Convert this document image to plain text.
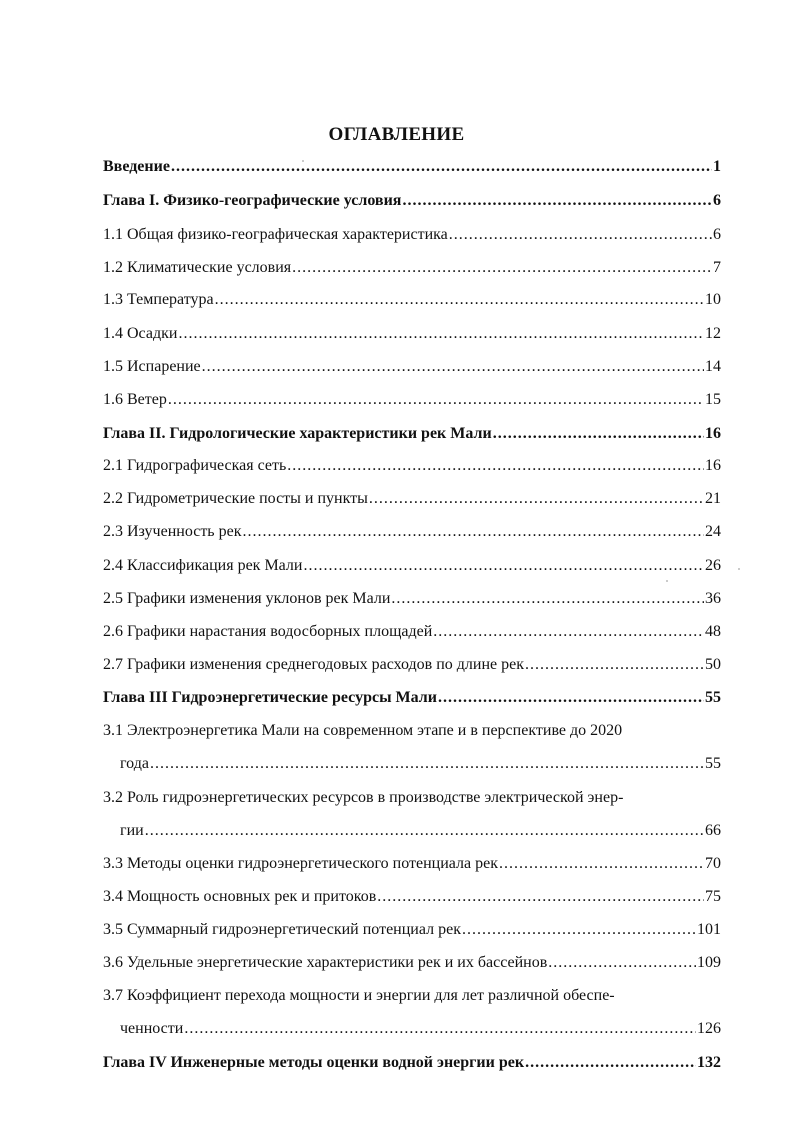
ОГЛАВЛЕНИЕ
Введение .....	1
Глава I. Физико-географические условия .....	6
1.1 Общая физико-географическая характеристика .....	6
1.2 Климатические условия .....	7
1.3 Температура .....	10
1.4 Осадки .....	12
1.5 Испарение .....	14
1.6 Ветер .....	15
Глава II. Гидрологические характеристики рек Мали .....	16
2.1 Гидрографическая сеть .....	16
2.2 Гидрометрические посты и пункты .....	21
2.3 Изученность рек .....	24
2.4 Классификация рек Мали .....	26
2.5 Графики изменения уклонов рек Мали .....	36
2.6 Графики нарастания водосборных площадей .....	48
2.7 Графики изменения среднегодовых расходов по длине рек .....	50
Глава III Гидроэнергетические ресурсы Мали .....	55
3.1 Электроэнергетика Мали на современном этапе и в перспективе до 2020
года .....	55
3.2 Роль гидроэнергетических ресурсов в производстве электрической энер-
гии .....	66
3.3 Методы оценки гидроэнергетического потенциала рек .....	70
3.4 Мощность основных рек и притоков .....	75
3.5 Суммарный гидроэнергетический потенциал рек .....	101
3.6 Удельные энергетические характеристики рек и их бассейнов .....	109
3.7 Коэффициент перехода мощности и энергии для лет различной обеспе-
ченности .....	126
Глава IV Инженерные методы оценки водной энергии рек .....	132
